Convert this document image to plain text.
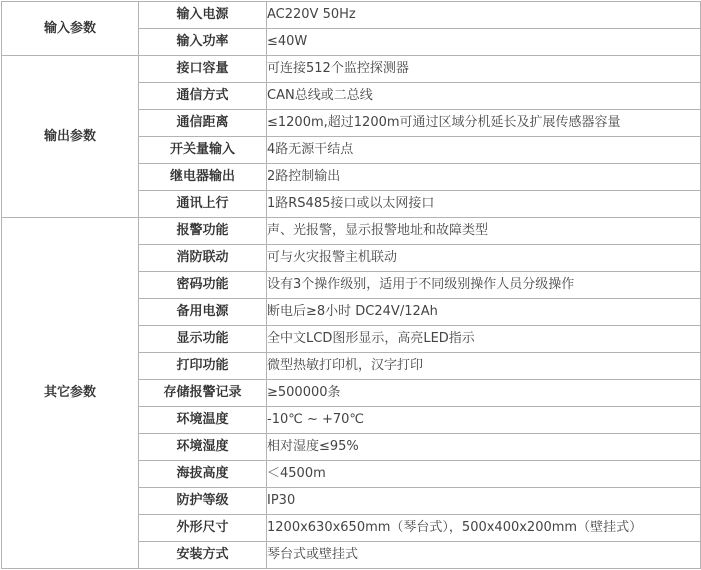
输入参数	输入电源	AC220V 50Hz
	输入功率	≤40W
输出参数	接口容量	可连接512个监控探测器
	通信方式	CAN总线或二总线
	通信距离	≤1200m,超过1200m可通过区域分机延长及扩展传感器容量
	开关量输入	4路无源干结点
	继电器输出	2路控制输出
	通讯上行	1路RS485接口或以太网接口
其它参数	报警功能	声、光报警，显示报警地址和故障类型
	消防联动	可与火灾报警主机联动
	密码功能	设有3个操作级别，适用于不同级别操作人员分级操作
	备用电源	断电后≥8小时 DC24V/12Ah
	显示功能	全中文LCD图形显示，高亮LED指示
	打印功能	微型热敏打印机，汉字打印
	存储报警记录	≥500000条
	环境温度	-10℃ ~ +70℃
	环境湿度	相对湿度≤95%
	海拔高度	＜4500m
	防护等级	IP30
	外形尺寸	1200x630x650mm（琴台式），500x400x200mm（壁挂式）
	安装方式	琴台式或壁挂式
